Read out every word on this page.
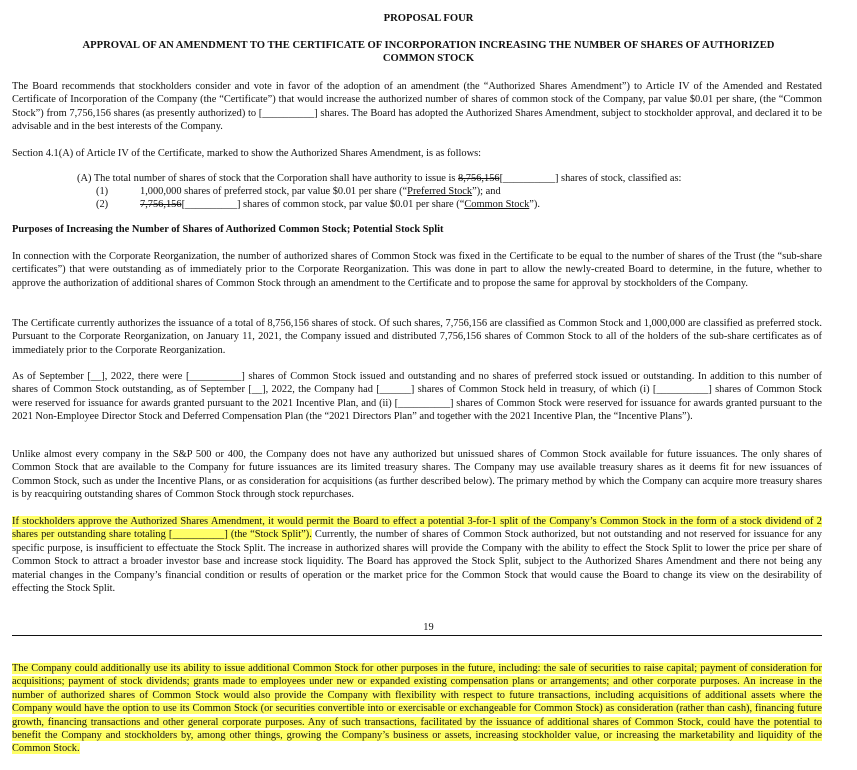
PROPOSAL FOUR
APPROVAL OF AN AMENDMENT TO THE CERTIFICATE OF INCORPORATION INCREASING THE NUMBER OF SHARES OF AUTHORIZED
COMMON STOCK
The Board recommends that stockholders consider and vote in favor of the adoption of an amendment (the “Authorized Shares Amendment”) to Article IV of the Amended and Restated Certificate of Incorporation of the Company (the “Certificate”) that would increase the authorized number of shares of common stock of the Company, par value $0.01 per share, (the “Common Stock”) from 7,756,156 shares (as presently authorized) to [__________] shares. The Board has adopted the Authorized Shares Amendment, subject to stockholder approval, and declared it to be advisable and in the best interests of the Company.
Section 4.1(A) of Article IV of the Certificate, marked to show the Authorized Shares Amendment, is as follows:
(A) The total number of shares of stock that the Corporation shall have authority to issue is 8,756,156[__________] shares of stock, classified as:
(1)	1,000,000 shares of preferred stock, par value $0.01 per share (“Preferred Stock”); and
(2)	7,756,156[__________] shares of common stock, par value $0.01 per share (“Common Stock”).
Purposes of Increasing the Number of Shares of Authorized Common Stock; Potential Stock Split
In connection with the Corporate Reorganization, the number of authorized shares of Common Stock was fixed in the Certificate to be equal to the number of shares of the Trust (the “sub-share certificates”) that were outstanding as of immediately prior to the Corporate Reorganization. This was done in part to allow the newly-created Board to determine, in the future, whether to approve the authorization of additional shares of Common Stock through an amendment to the Certificate and to propose the same for approval by stockholders of the Company.
The Certificate currently authorizes the issuance of a total of 8,756,156 shares of stock. Of such shares, 7,756,156 are classified as Common Stock and 1,000,000 are classified as preferred stock. Pursuant to the Corporate Reorganization, on January 11, 2021, the Company issued and distributed 7,756,156 shares of Common Stock to all of the holders of the sub-share certificates as of immediately prior to the Corporate Reorganization.
As of September [__], 2022, there were [__________] shares of Common Stock issued and outstanding and no shares of preferred stock issued or outstanding. In addition to this number of shares of Common Stock outstanding, as of September [__], 2022, the Company had [______] shares of Common Stock held in treasury, of which (i) [__________] shares of Common Stock were reserved for issuance for awards granted pursuant to the 2021 Incentive Plan, and (ii) [__________] shares of Common Stock were reserved for issuance for awards granted pursuant to the 2021 Non-Employee Director Stock and Deferred Compensation Plan (the “2021 Directors Plan” and together with the 2021 Incentive Plan, the “Incentive Plans”).
Unlike almost every company in the S&P 500 or 400, the Company does not have any authorized but unissued shares of Common Stock available for future issuances. The only shares of Common Stock that are available to the Company for future issuances are its limited treasury shares. The Company may use available treasury shares as it deems fit for new issuances of Common Stock, such as under the Incentive Plans, or as consideration for acquisitions (as further described below). The primary method by which the Company can acquire more treasury shares is by reacquiring outstanding shares of Common Stock through stock repurchases.
If stockholders approve the Authorized Shares Amendment, it would permit the Board to effect a potential 3-for-1 split of the Company’s Common Stock in the form of a stock dividend of 2 shares per outstanding share totaling [__________] (the “Stock Split”). Currently, the number of shares of Common Stock authorized, but not outstanding and not reserved for issuance for any specific purpose, is insufficient to effectuate the Stock Split. The increase in authorized shares will provide the Company with the ability to effect the Stock Split to lower the price per share of Common Stock to attract a broader investor base and increase stock liquidity. The Board has approved the Stock Split, subject to the Authorized Shares Amendment and there not being any material changes in the Company’s financial condition or results of operation or the market price for the Common Stock that would cause the Board to change its view on the desirability of effecting the Stock Split.
19
The Company could additionally use its ability to issue additional Common Stock for other purposes in the future, including: the sale of securities to raise capital; payment of consideration for acquisitions; payment of stock dividends; grants made to employees under new or expanded existing compensation plans or arrangements; and other corporate purposes. An increase in the number of authorized shares of Common Stock would also provide the Company with flexibility with respect to future transactions, including acquisitions of additional assets where the Company would have the option to use its Common Stock (or securities convertible into or exercisable or exchangeable for Common Stock) as consideration (rather than cash), financing future growth, financing transactions and other general corporate purposes. Any of such transactions, facilitated by the issuance of additional shares of Common Stock, could have the potential to benefit the Company and stockholders by, among other things, growing the Company’s business or assets, increasing stockholder value, or increasing the marketability and liquidity of the Common Stock.
